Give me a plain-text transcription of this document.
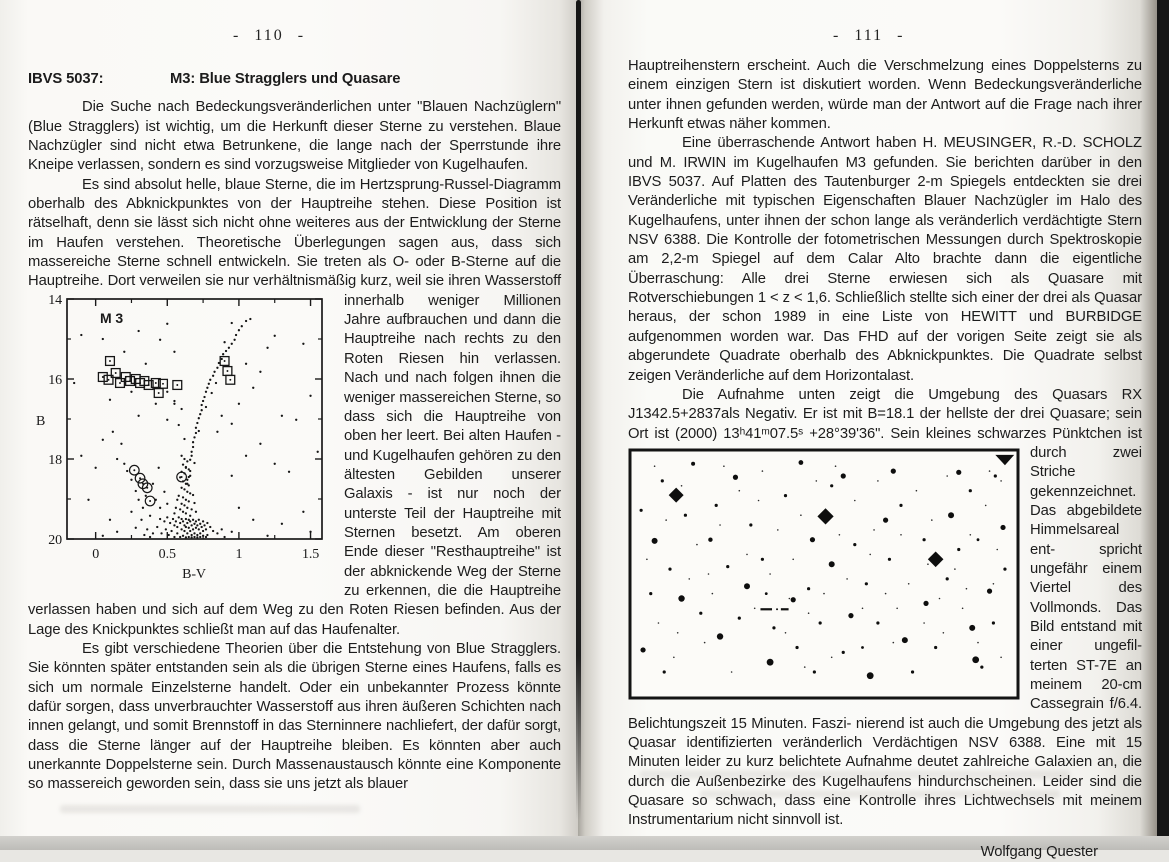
- 110 -	- 111 -
IBVS 5037:	M3: Blue Stragglers und Quasare

Die Suche nach Bedeckungsveränderlichen unter "Blauen Nachzüglern" (Blue Stragglers) ist wichtig, um die Herkunft dieser Sterne zu verstehen. Blaue Nachzügler sind nicht etwa Betrunkene, die lange nach der Sperrstunde ihre Kneipe verlassen, sondern es sind vorzugsweise Mitglieder von Kugelhaufen.

Es sind absolut helle, blaue Sterne, die im Hertzsprung-Russel-Diagramm oberhalb des Abknickpunktes von der Hauptreihe stehen. Diese Position ist rätselhaft, denn sie lässt sich nicht ohne weiteres aus der Entwicklung der Sterne im Haufen verstehen. Theoretische Überlegungen sagen aus, dass sich massereiche Sterne schnell entwickeln. Sie treten als O- oder B-Sterne auf die Hauptreihe. Dort verweilen sie nur verhältnismäßig kurz, weil sie
0	0.5	1	1.5
14
16
18
20
M 3
B-V
B
ihren Wasserstoff innerhalb weniger Millionen Jahre aufbrauchen und dann die Hauptreihe nach rechts zu den Roten Riesen hin verlassen. Nach und nach folgen ihnen die weniger massereichen Sterne, so dass sich die Hauptreihe von oben her leert. Bei alten Haufen - und Kugelhaufen gehören zu den ältesten Gebilden unserer Galaxis - ist nur noch der unterste Teil der Hauptreihe mit Sternen besetzt. Am oberen Ende dieser "Resthauptreihe" ist der abknickende Weg der Sterne zu erkennen, die die Hauptreihe verlassen haben und sich auf dem Weg zu den Roten Riesen befinden. Aus der Lage des Knickpunktes schließt man auf das Haufenalter.

Es gibt verschiedene Theorien über die Entstehung von Blue Stragglers. Sie könnten später entstanden sein als die übrigen Sterne eines Haufens, falls es sich um normale Einzelsterne handelt. Oder ein unbekannter Prozess könnte dafür sorgen, dass unverbrauchter Wasserstoff aus ihren äußeren Schichten nach innen gelangt, und somit Brennstoff in das Sterninnere nachliefert, der dafür sorgt, dass die Sterne länger auf der Hauptreihe bleiben. Es könnten aber auch unerkannte Doppelsterne sein. Durch Massenaustausch könnte eine Komponente so massereich geworden sein, dass sie uns jetzt als blauer

Hauptreihenstern erscheint. Auch die Verschmelzung eines Doppelsterns zu einem einzigen Stern ist diskutiert worden. Wenn Bedeckungsveränderliche unter ihnen gefunden werden, würde man der Antwort auf die Frage nach ihrer Herkunft etwas näher kommen.

Eine überraschende Antwort haben H. MEUSINGER, R.-D. SCHOLZ und M. IRWIN im Kugelhaufen M3 gefunden. Sie berichten darüber in den IBVS 5037. Auf Platten des Tautenburger 2-m Spiegels entdeckten sie drei Veränderliche mit typischen Eigenschaften Blauer Nachzügler im Halo des Kugelhaufens, unter ihnen der schon lange als veränderlich verdächtigte Stern NSV 6388. Die Kontrolle der fotometrischen Messungen durch Spektroskopie am 2,2-m Spiegel auf dem Calar Alto brachte dann die eigentliche Überraschung: Alle drei Sterne erwiesen sich als Quasare mit Rotverschiebungen 1 < z < 1,6. Schließlich stellte sich einer der drei als Quasar heraus, der schon 1989 in eine Liste von HEWITT und BURBIDGE aufgenommen worden war. Das FHD auf der vorigen Seite zeigt sie als abgerundete Quadrate oberhalb des Abknickpunktes. Die Quadrate selbst zeigen Veränderliche auf dem Horizontalast.

Die Aufnahme unten zeigt die Umgebung des Quasars RX J1342.5+2837als Negativ. Er ist mit B=18.1 der hellste der drei Quasare; sein Ort ist (2000) 13ʰ41ᵐ07.5ˢ +28°39'36". Sein kleines schwarzes Pünktchen ist
durch zwei Striche gekennzeichnet. Das abgebildete Himmelsareal ent- spricht ungefähr einem Viertel des Vollmonds. Das Bild entstand mit einer ungefil- terten ST-7E an meinem 20-cm Cassegrain f/6.4. Belichtungszeit 15 Minuten. Faszi- nierend ist auch die Umgebung des jetzt als Quasar identifizierten veränderlich Verdächtigen NSV 6388. Eine mit 15 Minuten leider zu kurz belichtete Aufnahme deutet zahlreiche Galaxien an, die durch die Außenbezirke des Kugelhaufens hindurchscheinen. Leider sind die Quasare so schwach, dass eine Kontrolle ihres Lichtwechsels mit meinem Instrumentarium nicht sinnvoll ist.

Wolfgang Quester
